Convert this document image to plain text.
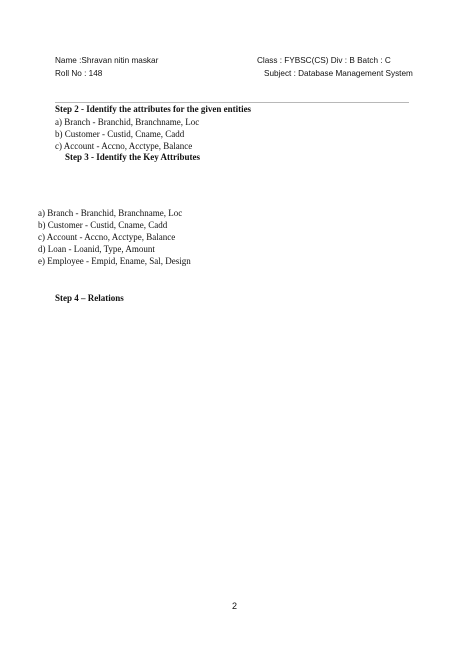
Name :Shravan nitin maskar	Class : FYBSC(CS) Div : B Batch : C
Roll No : 148	Subject : Database Management System
Step 2 - Identify the attributes for the given entities
a) Branch - Branchid, Branchname, Loc
b) Customer - Custid, Cname, Cadd
c) Account - Accno, Acctype, Balance
Step 3 - Identify the Key Attributes
a) Branch - Branchid, Branchname, Loc
b) Customer - Custid, Cname, Cadd
c) Account - Accno, Acctype, Balance
d) Loan - Loanid, Type, Amount
e) Employee - Empid, Ename, Sal, Design
Step 4 – Relations
2
